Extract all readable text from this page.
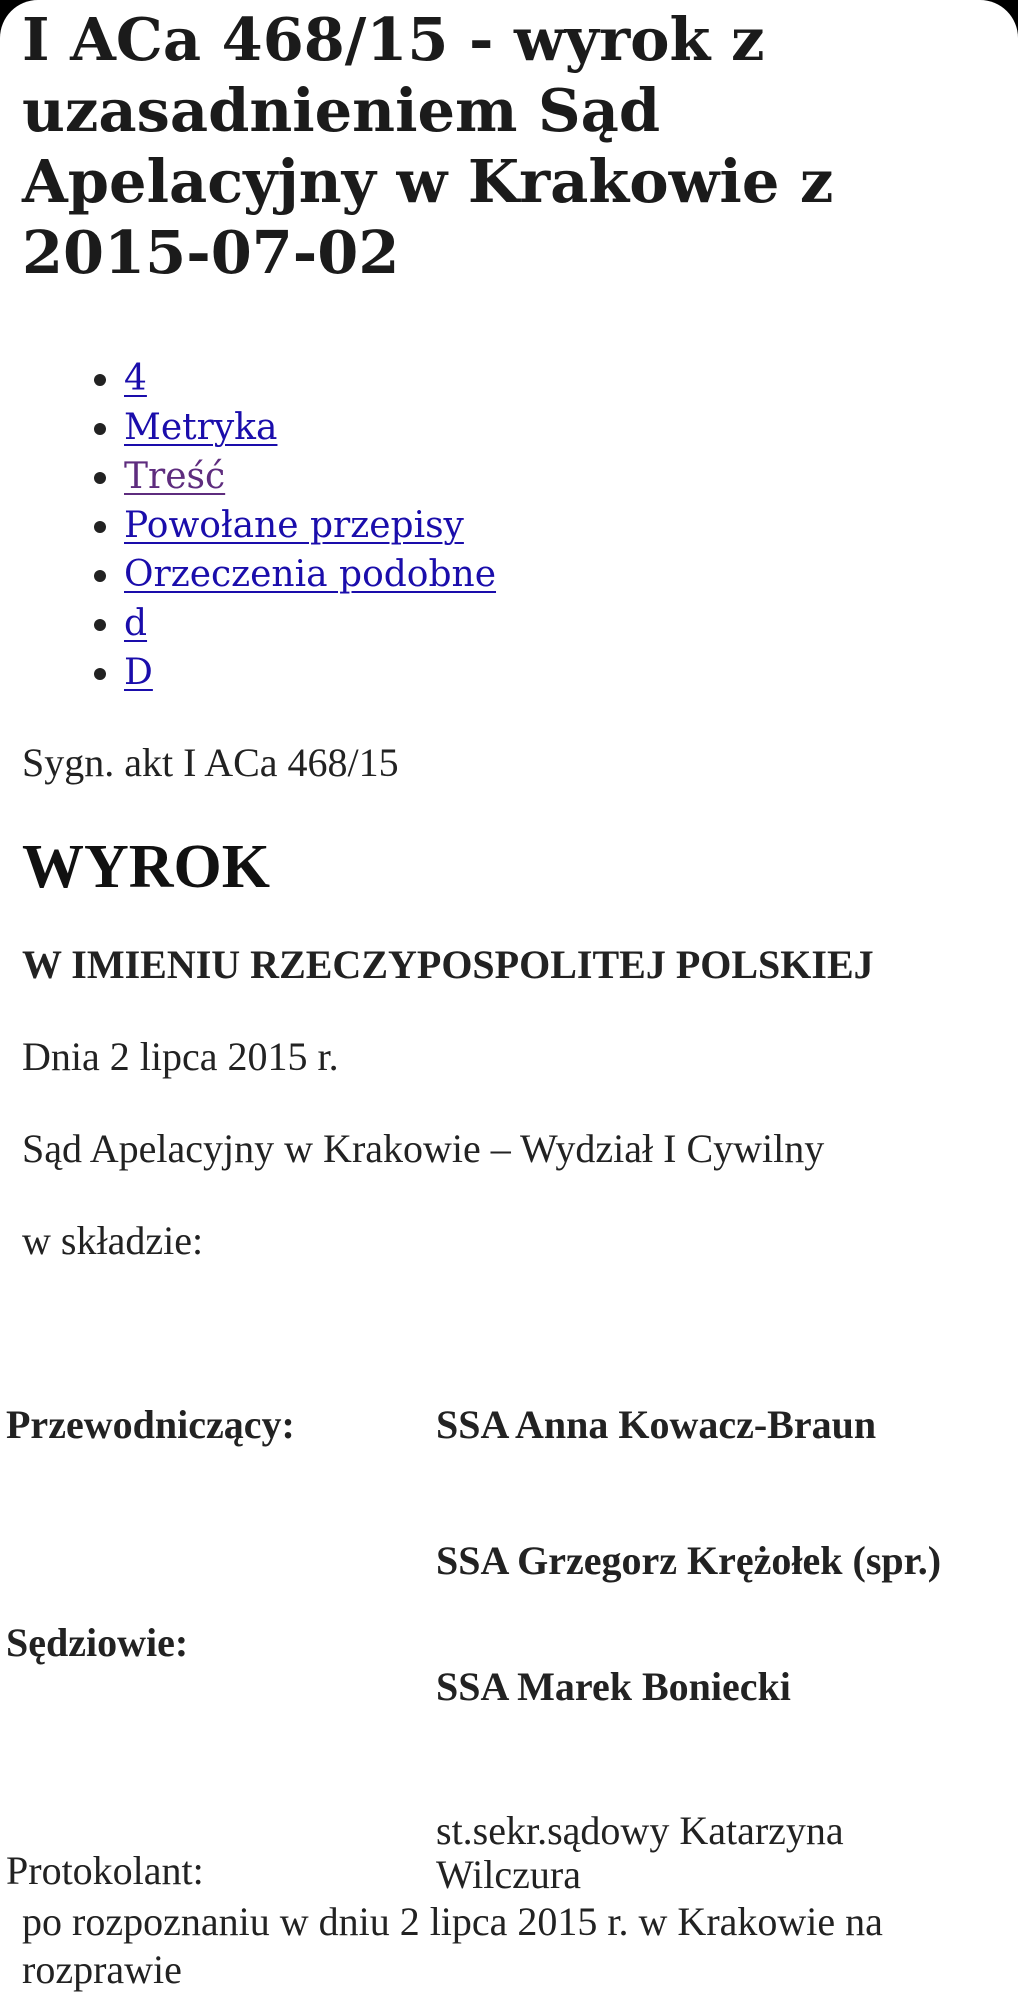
I ACa 468/15 - wyrok z uzasadnieniem Sąd Apelacyjny w Krakowie z 2015-07-02
4
Metryka
Treść
Powołane przepisy
Orzeczenia podobne
d
D

Sygn. akt I ACa 468/15

WYROK

W IMIENIU RZECZYPOSPOLITEJ POLSKIEJ

Dnia 2 lipca 2015 r.

Sąd Apelacyjny w Krakowie – Wydział I Cywilny

w składzie:

Przewodniczący:	SSA Anna Kowacz-Braun
Sędziowie:
SSA Grzegorz Krężołek (spr.)
SSA Marek Boniecki
Protokolant:
st.sekr.sądowy Katarzyna Wilczura

po rozpoznaniu w dniu 2 lipca 2015 r. w Krakowie na rozprawie
